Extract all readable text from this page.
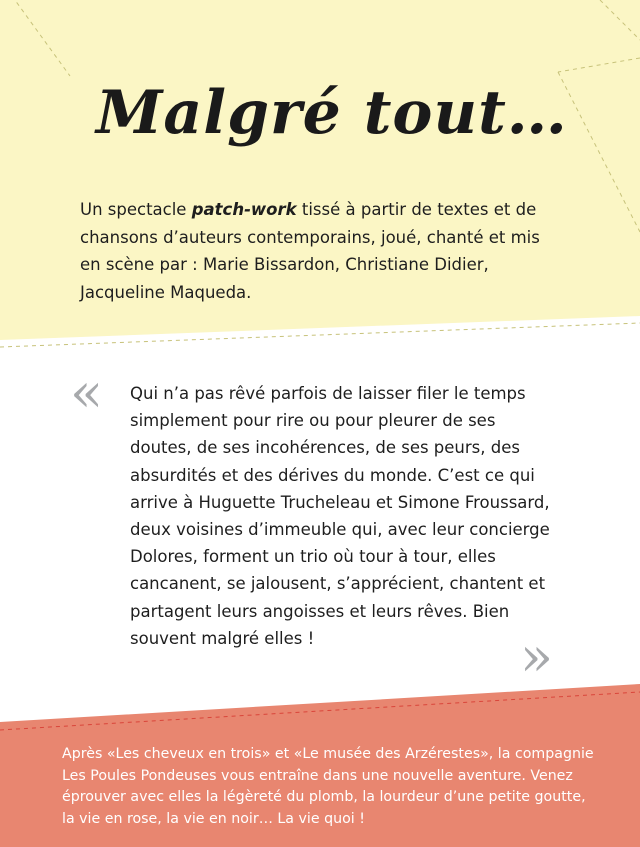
Malgré tout…
Un spectacle patch-work tissé à partir de textes et de chansons d’auteurs contemporains, joué, chanté et mis en scène par : Marie Bissardon, Christiane Didier, Jacqueline Maqueda.
« Qui n’a pas rêvé parfois de laisser filer le temps simplement pour rire ou pour pleurer de ses doutes, de ses incohérences, de ses peurs, des absurdités et des dérives du monde. C’est ce qui arrive à Huguette Trucheleau et Simone Froussard, deux voisines d’immeuble qui, avec leur concierge Dolores, forment un trio où tour à tour, elles cancanent, se jalousent, s’apprécient, chantent et partagent leurs angoisses et leurs rêves. Bien souvent malgré elles !	»
Après «Les cheveux en trois» et «Le musée des Arzérestes», la compagnie Les Poules Pondeuses vous entraîne dans une nouvelle aventure. Venez éprouver avec elles la légèreté du plomb, la lourdeur d’une petite goutte, la vie en rose, la vie en noir… La vie quoi !
